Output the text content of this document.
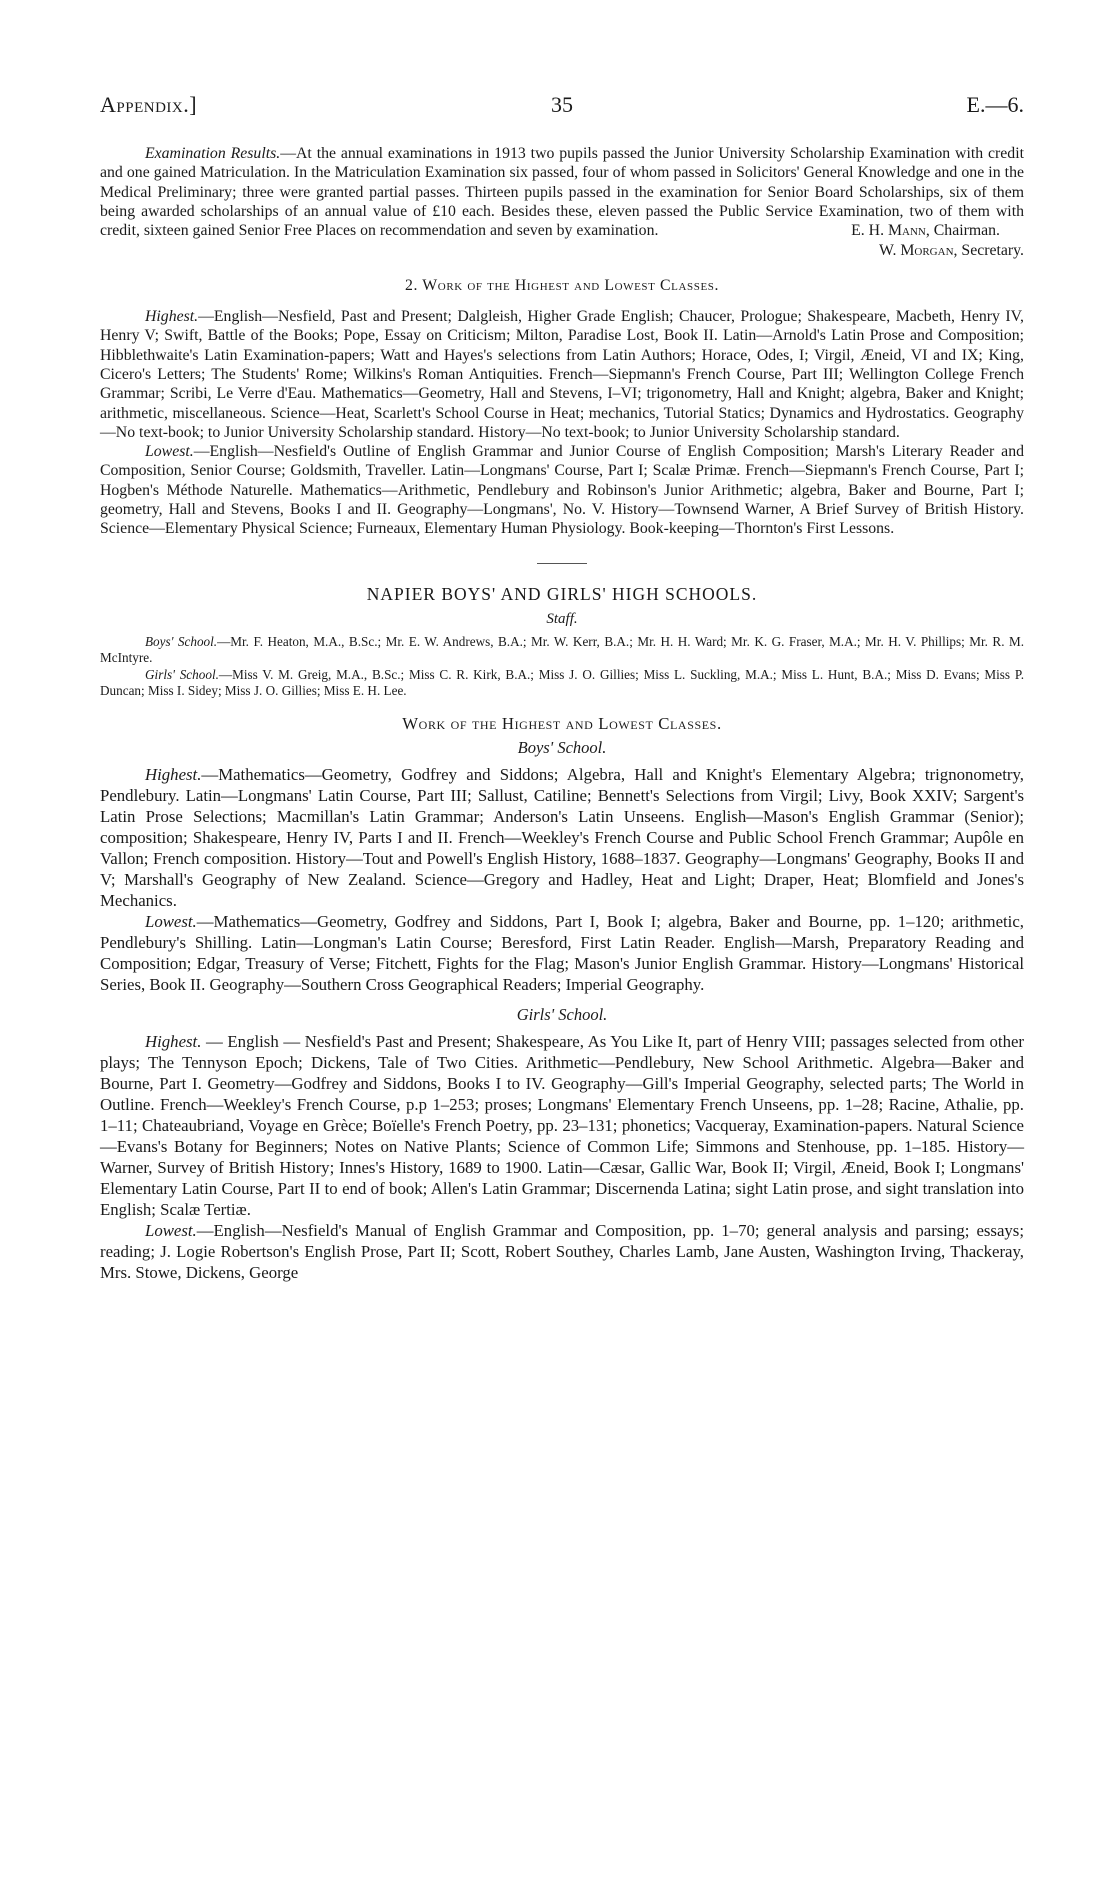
Appendix.]	35	E.—6.

Examination Results.—At the annual examinations in 1913 two pupils passed the Junior University Scholarship Examination with credit and one gained Matriculation. In the Matriculation Examination six passed, four of whom passed in Solicitors' General Knowledge and one in the Medical Preliminary; three were granted partial passes. Thirteen pupils passed in the examination for Senior Board Scholarships, six of them being awarded scholarships of an annual value of £10 each. Besides these, eleven passed the Public Service Examination, two of them with credit, sixteen gained Senior Free Places on recommendation and seven by examination.	E. H. Mann, Chairman.
W. Morgan, Secretary.
2. Work of the Highest and Lowest Classes.

Highest.—English—Nesfield, Past and Present; Dalgleish, Higher Grade English; Chaucer, Prologue; Shakespeare, Macbeth, Henry IV, Henry V; Swift, Battle of the Books; Pope, Essay on Criticism; Milton, Paradise Lost, Book II. Latin—Arnold's Latin Prose and Composition; Hibblethwaite's Latin Examination-papers; Watt and Hayes's selections from Latin Authors; Horace, Odes, I; Virgil, Æneid, VI and IX; King, Cicero's Letters; The Students' Rome; Wilkins's Roman Antiquities. French—Siepmann's French Course, Part III; Wellington College French Grammar; Scribi, Le Verre d'Eau. Mathematics—Geometry, Hall and Stevens, I–VI; trigonometry, Hall and Knight; algebra, Baker and Knight; arithmetic, miscellaneous. Science—Heat, Scarlett's School Course in Heat; mechanics, Tutorial Statics; Dynamics and Hydrostatics. Geography—No text-book; to Junior University Scholarship standard. History—No text-book; to Junior University Scholarship standard.

Lowest.—English—Nesfield's Outline of English Grammar and Junior Course of English Composition; Marsh's Literary Reader and Composition, Senior Course; Goldsmith, Traveller. Latin—Longmans' Course, Part I; Scalæ Primæ. French—Siepmann's French Course, Part I; Hogben's Méthode Naturelle. Mathematics—Arithmetic, Pendlebury and Robinson's Junior Arithmetic; algebra, Baker and Bourne, Part I; geometry, Hall and Stevens, Books I and II. Geography—Longmans', No. V. History—Townsend Warner, A Brief Survey of British History. Science—Elementary Physical Science; Furneaux, Elementary Human Physiology. Book-keeping—Thornton's First Lessons.

NAPIER BOYS' AND GIRLS' HIGH SCHOOLS.
Staff.

Boys' School.—Mr. F. Heaton, M.A., B.Sc.; Mr. E. W. Andrews, B.A.; Mr. W. Kerr, B.A.; Mr. H. H. Ward; Mr. K. G. Fraser, M.A.; Mr. H. V. Phillips; Mr. R. M. McIntyre.

Girls' School.—Miss V. M. Greig, M.A., B.Sc.; Miss C. R. Kirk, B.A.; Miss J. O. Gillies; Miss L. Suckling, M.A.; Miss L. Hunt, B.A.; Miss D. Evans; Miss P. Duncan; Miss I. Sidey; Miss J. O. Gillies; Miss E. H. Lee.

Work of the Highest and Lowest Classes.
Boys' School.

Highest.—Mathematics—Geometry, Godfrey and Siddons; Algebra, Hall and Knight's Elementary Algebra; trignonometry, Pendlebury. Latin—Longmans' Latin Course, Part III; Sallust, Catiline; Bennett's Selections from Virgil; Livy, Book XXIV; Sargent's Latin Prose Selections; Macmillan's Latin Grammar; Anderson's Latin Unseens. English—Mason's English Grammar (Senior); composition; Shakespeare, Henry IV, Parts I and II. French—Weekley's French Course and Public School French Grammar; Aupôle en Vallon; French composition. History—Tout and Powell's English History, 1688–1837. Geography—Longmans' Geography, Books II and V; Marshall's Geography of New Zealand. Science—Gregory and Hadley, Heat and Light; Draper, Heat; Blomfield and Jones's Mechanics.

Lowest.—Mathematics—Geometry, Godfrey and Siddons, Part I, Book I; algebra, Baker and Bourne, pp. 1–120; arithmetic, Pendlebury's Shilling. Latin—Longman's Latin Course; Beresford, First Latin Reader. English—Marsh, Preparatory Reading and Composition; Edgar, Treasury of Verse; Fitchett, Fights for the Flag; Mason's Junior English Grammar. History—Longmans' Historical Series, Book II. Geography—Southern Cross Geographical Readers; Imperial Geography.

Girls' School.

Highest. — English — Nesfield's Past and Present; Shakespeare, As You Like It, part of Henry VIII; passages selected from other plays; The Tennyson Epoch; Dickens, Tale of Two Cities. Arithmetic—Pendlebury, New School Arithmetic. Algebra—Baker and Bourne, Part I. Geometry—Godfrey and Siddons, Books I to IV. Geography—Gill's Imperial Geography, selected parts; The World in Outline. French—Weekley's French Course, p.p 1–253; proses; Longmans' Elementary French Unseens, pp. 1–28; Racine, Athalie, pp. 1–11; Chateaubriand, Voyage en Grèce; Boïelle's French Poetry, pp. 23–131; phonetics; Vacqueray, Examination-papers. Natural Science—Evans's Botany for Beginners; Notes on Native Plants; Science of Common Life; Simmons and Stenhouse, pp. 1–185. History—Warner, Survey of British History; Innes's History, 1689 to 1900. Latin—Cæsar, Gallic War, Book II; Virgil, Æneid, Book I; Longmans' Elementary Latin Course, Part II to end of book; Allen's Latin Grammar; Discernenda Latina; sight Latin prose, and sight translation into English; Scalæ Tertiæ.

Lowest.—English—Nesfield's Manual of English Grammar and Composition, pp. 1–70; general analysis and parsing; essays; reading; J. Logie Robertson's English Prose, Part II; Scott, Robert Southey, Charles Lamb, Jane Austen, Washington Irving, Thackeray, Mrs. Stowe, Dickens, George
